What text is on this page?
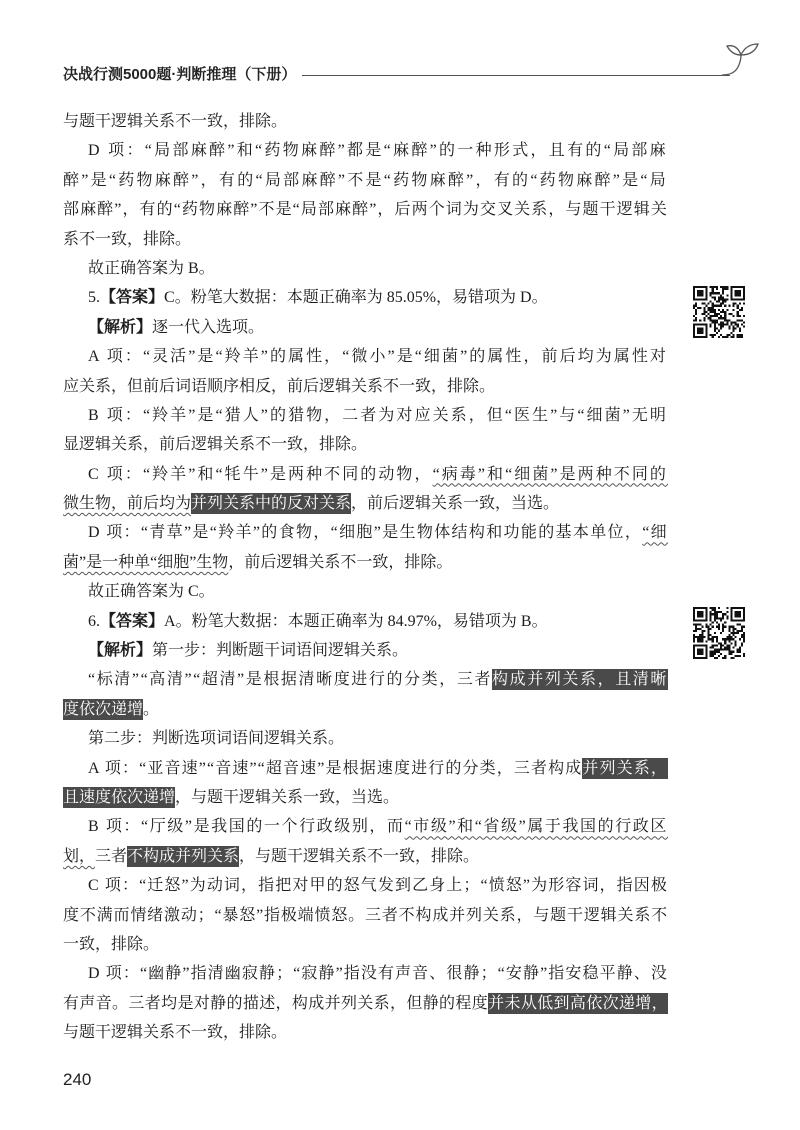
决战行测5000题·判断推理（下册）
与题干逻辑关系不一致，排除。
D 项：“局部麻醉”和“药物麻醉”都是“麻醉”的一种形式，且有的“局部麻
醉”是“药物麻醉”，有的“局部麻醉”不是“药物麻醉”，有的“药物麻醉”是“局
部麻醉”，有的“药物麻醉”不是“局部麻醉”，后两个词为交叉关系，与题干逻辑关
系不一致，排除。
故正确答案为 B。
5.【答案】C。粉笔大数据：本题正确率为 85.05%，易错项为 D。
【解析】逐一代入选项。
A 项：“灵活”是“羚羊”的属性，“微小”是“细菌”的属性，前后均为属性对
应关系，但前后词语顺序相反，前后逻辑关系不一致，排除。
B 项：“羚羊”是“猎人”的猎物，二者为对应关系，但“医生”与“细菌”无明
显逻辑关系，前后逻辑关系不一致，排除。
C 项：“羚羊”和“牦牛”是两种不同的动物，“病毒”和“细菌”是两种不同的
微生物，前后均为并列关系中的反对关系，前后逻辑关系一致，当选。
D 项：“青草”是“羚羊”的食物，“细胞”是生物体结构和功能的基本单位，“细
菌”是一种单“细胞”生物，前后逻辑关系不一致，排除。
故正确答案为 C。
6.【答案】A。粉笔大数据：本题正确率为 84.97%，易错项为 B。
【解析】第一步：判断题干词语间逻辑关系。
“标清”“高清”“超清”是根据清晰度进行的分类，三者构成并列关系，且清晰
度依次递增。
第二步：判断选项词语间逻辑关系。
A 项：“亚音速”“音速”“超音速”是根据速度进行的分类，三者构成并列关系，
且速度依次递增，与题干逻辑关系一致，当选。
B 项：“厅级”是我国的一个行政级别，而“市级”和“省级”属于我国的行政区
划，三者不构成并列关系，与题干逻辑关系不一致，排除。
C 项：“迁怒”为动词，指把对甲的怒气发到乙身上；“愤怒”为形容词，指因极
度不满而情绪激动；“暴怒”指极端愤怒。三者不构成并列关系，与题干逻辑关系不
一致，排除。
D 项：“幽静”指清幽寂静；“寂静”指没有声音、很静；“安静”指安稳平静、没
有声音。三者均是对静的描述，构成并列关系，但静的程度并未从低到高依次递增，
与题干逻辑关系不一致，排除。
240
